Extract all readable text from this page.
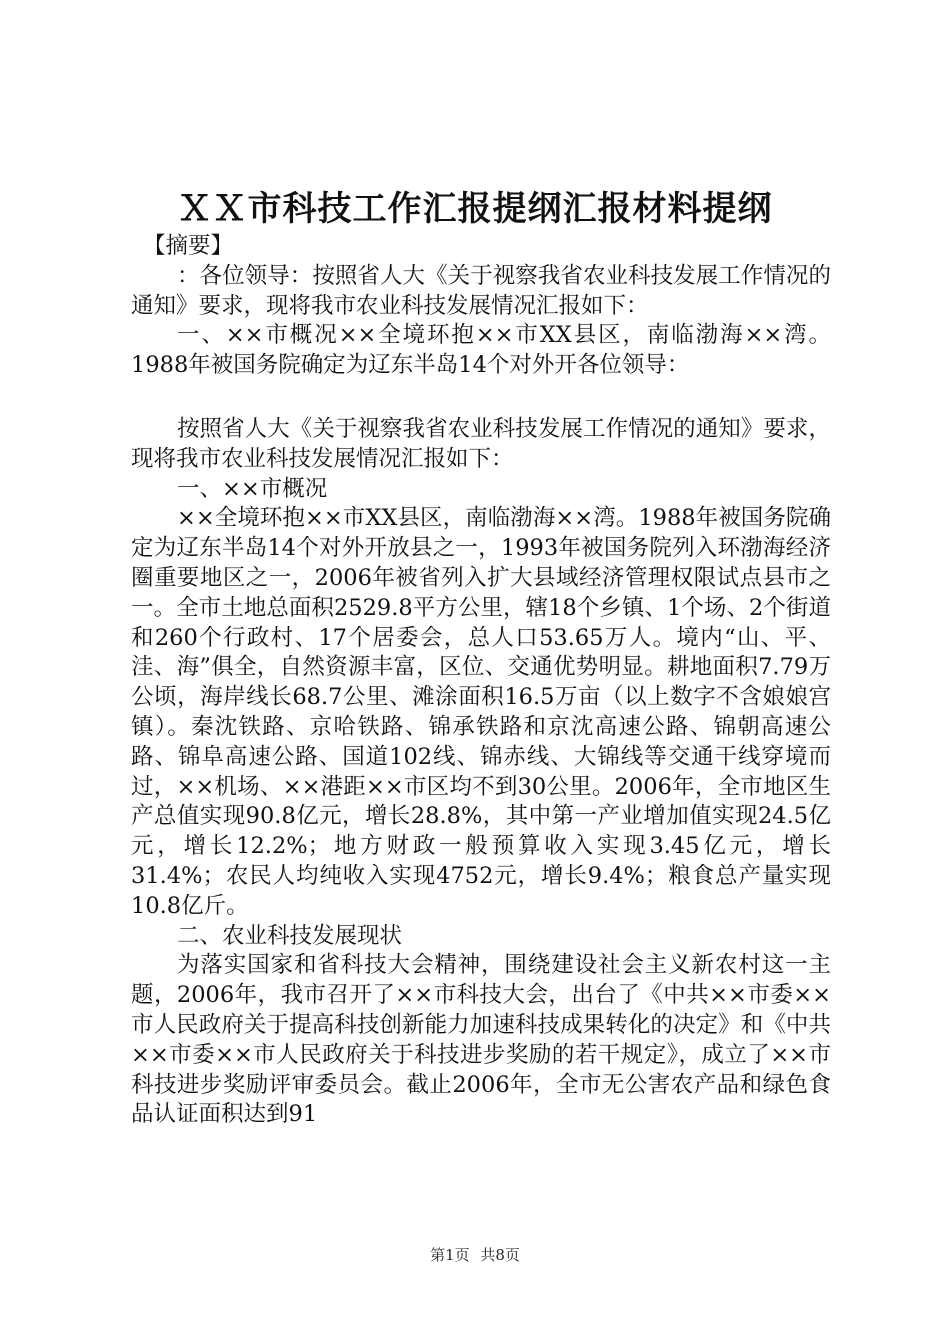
ＸＸ市科技工作汇报提纲汇报材料提纲

【摘要】

：各位领导：按照省人大《关于视察我省农业科技发展工作情况的通知》要求，现将我市农业科技发展情况汇报如下：

一、××市概况××全境环抱××市XX县区，南临渤海××湾。1988年被国务院确定为辽东半岛14个对外开各位领导：

按照省人大《关于视察我省农业科技发展工作情况的通知》要求，现将我市农业科技发展情况汇报如下：

一、××市概况

××全境环抱××市XX县区，南临渤海××湾。1988年被国务院确定为辽东半岛14个对外开放县之一，1993年被国务院列入环渤海经济圈重要地区之一，2006年被省列入扩大县域经济管理权限试点县市之一。全市土地总面积2529.8平方公里，辖18个乡镇、1个场、2个街道和260个行政村、17个居委会，总人口53.65万人。境内“山、平、洼、海”俱全，自然资源丰富，区位、交通优势明显。耕地面积7.79万公顷，海岸线长68.7公里、滩涂面积16.5万亩（以上数字不含娘娘宫镇）。秦沈铁路、京哈铁路、锦承铁路和京沈高速公路、锦朝高速公路、锦阜高速公路、国道102线、锦赤线、大锦线等交通干线穿境而过，××机场、××港距××市区均不到30公里。2006年，全市地区生产总值实现90.8亿元，增长28.8%，其中第一产业增加值实现24.5亿元，增长12.2%；地方财政一般预算收入实现3.45亿元，增长31.4%；农民人均纯收入实现4752元，增长9.4%；粮食总产量实现10.8亿斤。

二、农业科技发展现状

为落实国家和省科技大会精神，围绕建设社会主义新农村这一主题，2006年，我市召开了××市科技大会，出台了《中共××市委××市人民政府关于提高科技创新能力加速科技成果转化的决定》和《中共××市委××市人民政府关于科技进步奖励的若干规定》，成立了××市科技进步奖励评审委员会。截止2006年，全市无公害农产品和绿色食品认证面积达到91

第1页 共8页
